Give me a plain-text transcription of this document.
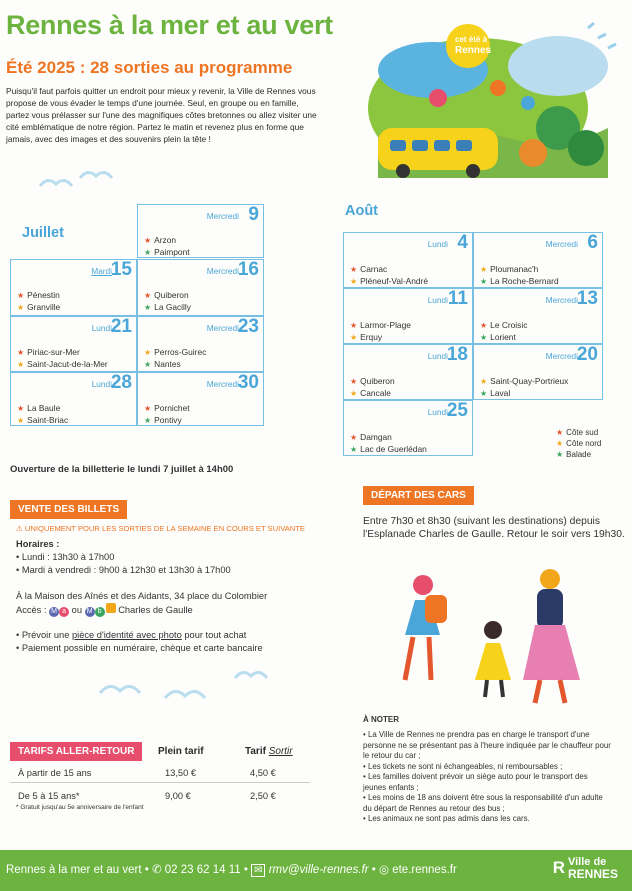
Rennes à la mer et au vert
Été 2025 : 28 sorties au programme

Puisqu'il faut parfois quitter un endroit pour mieux y revenir, la Ville de Rennes vous propose de vous évader le temps d'une journée. Seul, en groupe ou en famille, partez vous prélasser sur l'une des magnifiques côtes bretonnes ou allez visiter une cité emblématique de notre région. Partez le matin et revenez plus en forme que jamais, avec des images et des souvenirs plein la tête !

cet été à
Rennes
Juillet
Août
Mercredi 9
★ Arzon
★ Paimpont
Mardi
15
★ Pénestin
★ Granville
Mercredi
16
★ Quiberon
★ La Gacilly
Lundi
21
★ Piriac-sur-Mer
★ Saint-Jacut-de-la-Mer
Mercredi
23
★ Perros-Guirec
★ Nantes
Lundi
28
★ La Baule
★ Saint-Briac
Mercredi
30
★ Pornichet
★ Pontivy
Lundi 4
★ Carnac
★ Pléneuf-Val-André
Mercredi 6
★ Ploumanac'h
★ La Roche-Bernard
Lundi 11
★ Larmor-Plage
★ Erquy
Mercredi
13
★ Le Croisic
★ Lorient
Lundi
18
★ Quiberon
★ Cancale
Mercredi
20
★ Saint-Quay-Portrieux
★ Laval
Lundi
25
★ Damgan
★ Lac de Guerlédan
★ Côte sud
★ Côte nord
★ Balade
Ouverture de la billetterie le lundi 7 juillet à 14h00
VENTE DES BILLETS
⚠ UNIQUEMENT POUR LES SORTIES DE LA SEMAINE EN COURS ET SUIVANTE
Horaires :
• Lundi : 13h30 à 17h00
• Mardi à vendredi : 9h00 à 12h30 et 13h30 à 17h00
À la Maison des Aînés et des Aidants, 34 place du Colombier
Accès : M a ou M b Charles de Gaulle
• Prévoir une pièce d'identité avec photo pour tout achat
• Paiement possible en numéraire, chèque et carte bancaire
TARIFS ALLER-RETOUR	Plein tarif	Tarif Sortir
À partir de 15 ans	13,50 €	4,50 €
De 5 à 15 ans*	9,00 €	2,50 €
* Gratuit jusqu'au 5e anniversaire de l'enfant
DÉPART DES CARS
Entre 7h30 et 8h30 (suivant les destinations) depuis l'Esplanade Charles de Gaulle. Retour le soir vers 19h30.
À NOTER
• La Ville de Rennes ne prendra pas en charge le transport d'une personne ne se présentant pas à l'heure indiquée par le chauffeur pour le retour du car ;
• Les tickets ne sont ni échangeables, ni remboursables ;
• Les familles doivent prévoir un siège auto pour le transport des jeunes enfants ;
• Les moins de 18 ans doivent être sous la responsabilité d'un adulte du départ de Rennes au retour des bus ;
• Les animaux ne sont pas admis dans les cars.
Rennes à la mer et au vert • ✆ 02 23 62 14 11 • ✉ rmv@ville-rennes.fr • ◎ ete.rennes.fr	R Ville de
RENNES
